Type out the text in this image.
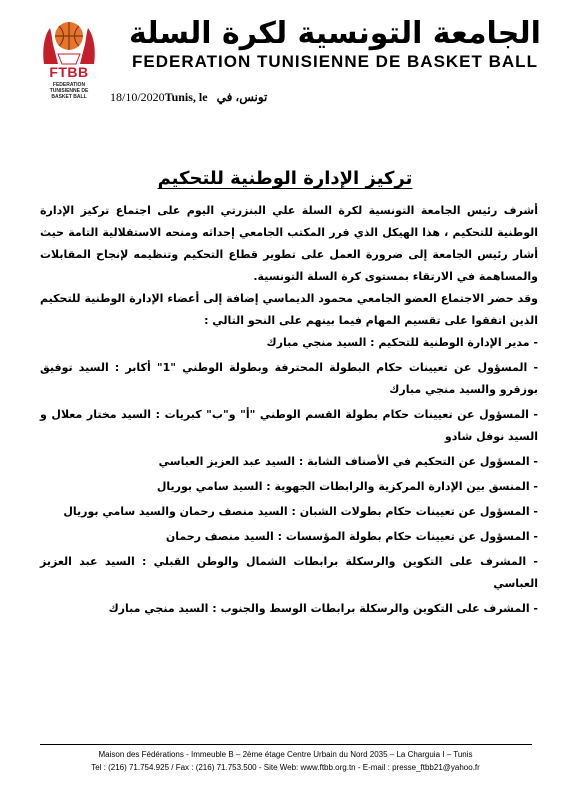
FTBB
FEDERATION
TUNISIENNE DE
BASKET BALL
الجامعة التونسية لكرة السلة
FEDERATION TUNISIENNE DE BASKET BALL
18/10/2020Tunis, le تونس، في
تركيز الإدارة الوطنية للتحكيم

أشرف رئيس الجامعة التونسية لكرة السلة علي البنزرتي اليوم على اجتماع تركيز الإدارة الوطنية للتحكيم ، هذا الهيكل الذي قرر المكتب الجامعي إحداثه ومنحه الاستقلالية التامة حيث أشار رئيس الجامعة إلى ضرورة العمل على تطوير قطاع التحكيم وتنظيمه لإنجاح المقابلات والمساهمة في الارتقاء بمستوى كرة السلة التونسية.

وقد حضر الاجتماع العضو الجامعي محمود الديماسي إضافة إلى أعضاء الإدارة الوطنية للتحكيم الذين اتفقوا على تقسيم المهام فيما بينهم على النحو التالي :

- مدير الإدارة الوطنية للتحكيم : السيد منجي مبارك
- المسؤول عن تعيينات حكام البطولة المحترفة وبطولة الوطني "1" أكابر : السيد توفيق بوزقرو والسيد منجي مبارك
- المسؤول عن تعيينات حكام بطولة القسم الوطني "أ" و"ب" كبريات : السيد مختار معلال و السيد نوفل شادو
- المسؤول عن التحكيم في الأصناف الشابة : السيد عبد العزيز العباسي
- المنسق بين الإدارة المركزية والرابطات الجهوية : السيد سامي بوريال
- المسؤول عن تعيينات حكام بطولات الشبان : السيد منصف رحمان والسيد سامي بوريال
- المسؤول عن تعيينات حكام بطولة المؤسسات : السيد منصف رحمان
- المشرف على التكوين والرسكلة برابطات الشمال والوطن القبلي : السيد عبد العزيز العباسي
- المشرف على التكوين والرسكلة برابطات الوسط والجنوب : السيد منجي مبارك
Maison des Fédérations - Immeuble B – 2ème étage Centre Urbain du Nord 2035 – La Charguia I – Tunis
Tel : (216) 71.754.925 / Fax : (216) 71.753.500 - Site Web: www.ftbb.org.tn - E-mail : presse_ftbb21@yahoo.fr
